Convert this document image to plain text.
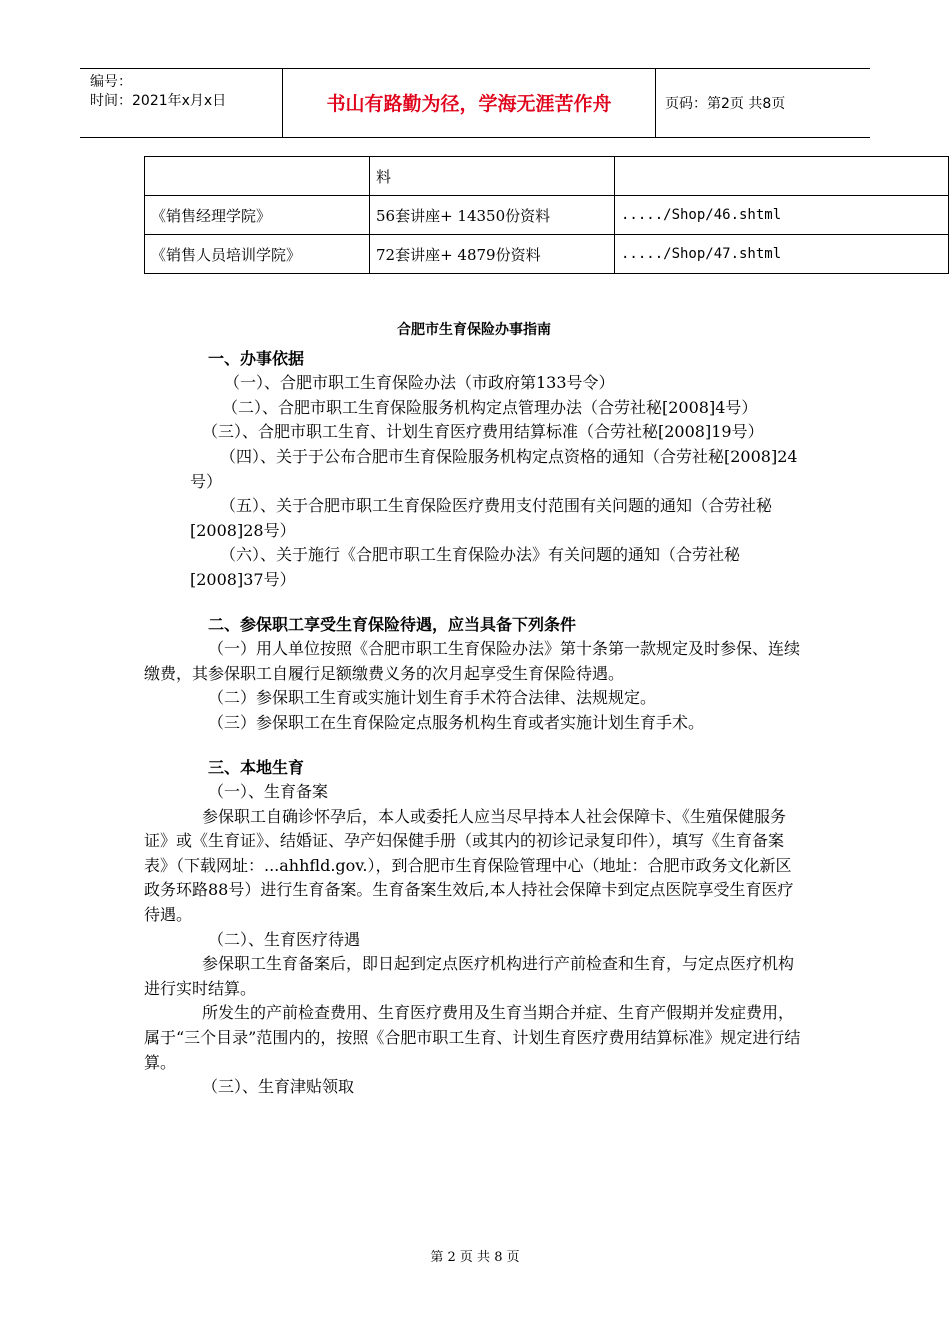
编号：
时间：2021年x月x日	书山有路勤为径，学海无涯苦作舟	页码：第2页 共8页
	料	
《销售经理学院》	56套讲座+ 14350份资料	...../Shop/46.shtml
《销售人员培训学院》	72套讲座+ 4879份资料	...../Shop/47.shtml

合肥市生育保险办事指南

一、办事依据

（一）、合肥市职工生育保险办法（市政府第133号令）

（二）、合肥市职工生育保险服务机构定点管理办法（合劳社秘[2008]4号）

（三）、合肥市职工生育、计划生育医疗费用结算标准（合劳社秘[2008]19号）

（四）、关于于公布合肥市生育保险服务机构定点资格的通知（合劳社秘[2008]24号）

（五）、关于合肥市职工生育保险医疗费用支付范围有关问题的通知（合劳社秘[2008]28号）

（六）、关于施行《合肥市职工生育保险办法》有关问题的通知（合劳社秘[2008]37号）

二、参保职工享受生育保险待遇，应当具备下列条件

（一）用人单位按照《合肥市职工生育保险办法》第十条第一款规定及时参保、连续缴费，其参保职工自履行足额缴费义务的次月起享受生育保险待遇。

（二）参保职工生育或实施计划生育手术符合法律、法规规定。

（三）参保职工在生育保险定点服务机构生育或者实施计划生育手术。

三、本地生育

（一）、生育备案

参保职工自确诊怀孕后，本人或委托人应当尽早持本人社会保障卡、《生殖保健服务证》或《生育证》、结婚证、孕产妇保健手册（或其内的初诊记录复印件），填写《生育备案表》（下载网址：...ahhfld.gov.），到合肥市生育保险管理中心（地址：合肥市政务文化新区政务环路88号）进行生育备案。生育备案生效后,本人持社会保障卡到定点医院享受生育医疗待遇。

（二）、生育医疗待遇

参保职工生育备案后，即日起到定点医疗机构进行产前检查和生育，与定点医疗机构进行实时结算。

所发生的产前检查费用、生育医疗费用及生育当期合并症、生育产假期并发症费用，属于“三个目录”范围内的，按照《合肥市职工生育、计划生育医疗费用结算标准》规定进行结算。

（三）、生育津贴领取

第 2 页 共 8 页
